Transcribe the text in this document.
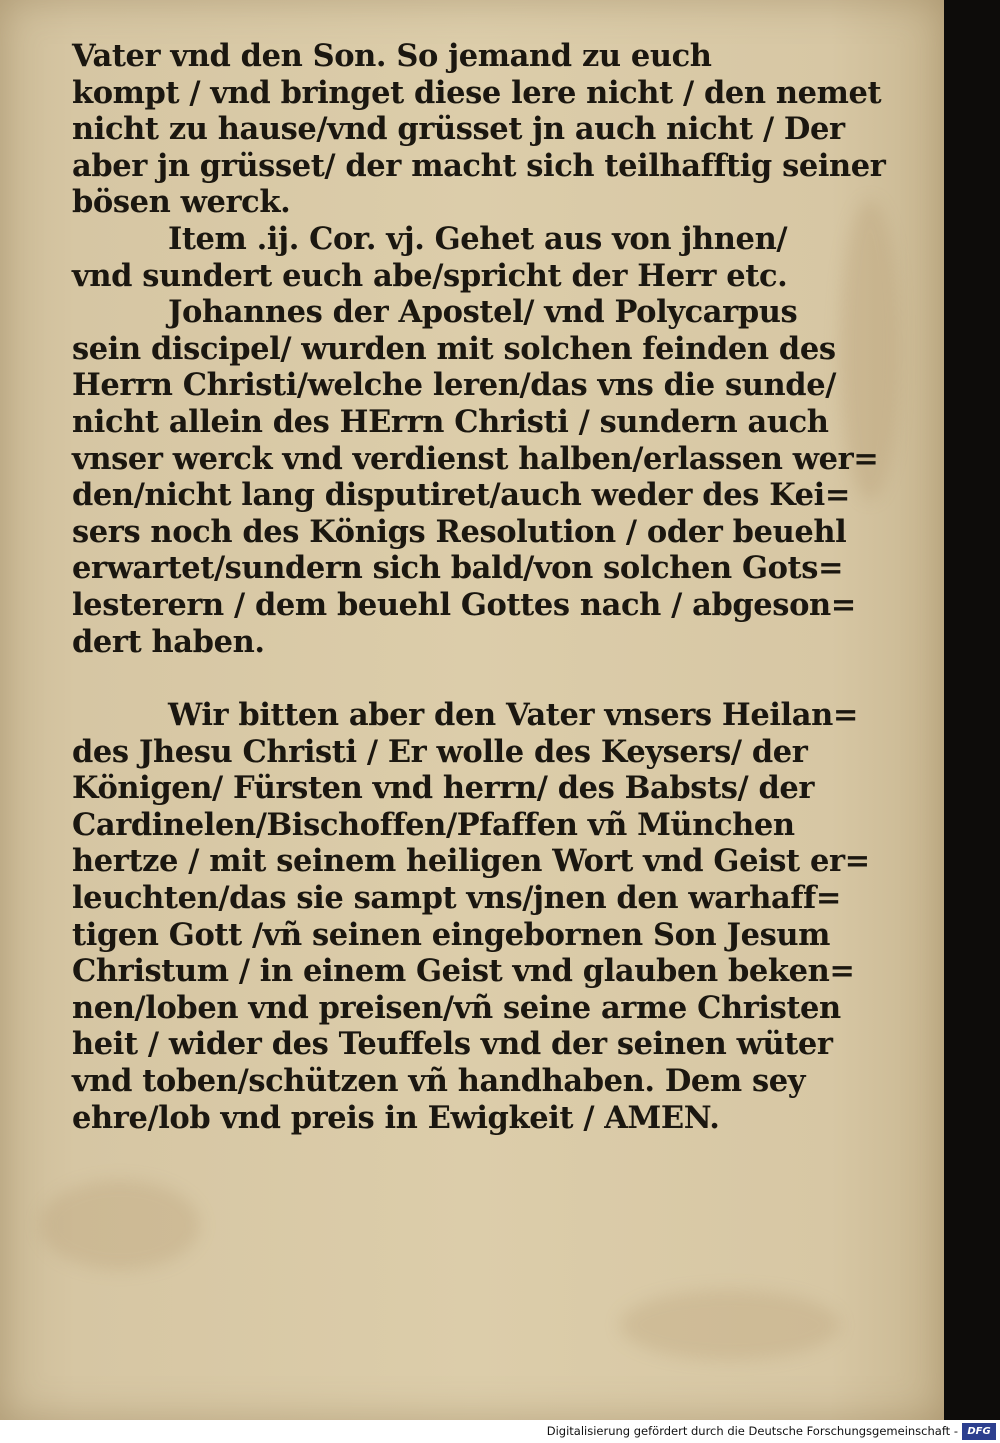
Vater vnd den Son. So jemand zu euch
kompt / vnd bringet diese lere nicht / den nemet
nicht zu hause/vnd grüsset jn auch nicht / Der
aber jn grüsset/ der macht sich teilhafftig seiner
bösen werck.
Item .ij. Cor. vj. Gehet aus von jhnen/
vnd sundert euch abe/spricht der Herr etc.
Johannes der Apostel/ vnd Polycarpus
sein discipel/ wurden mit solchen feinden des
Herrn Christi/welche leren/das vns die sunde/
nicht allein des HErrn Christi / sundern auch
vnser werck vnd verdienst halben/erlassen wer=
den/nicht lang disputiret/auch weder des Kei=
sers noch des Königs Resolution / oder beuehl
erwartet/sundern sich bald/von solchen Gots=
lesterern / dem beuehl Gottes nach / abgeson=
dert haben.
Wir bitten aber den Vater vnsers Heilan=
des Jhesu Christi / Er wolle des Keysers/ der
Königen/ Fürsten vnd herrn/ des Babsts/ der
Cardinelen/Bischoffen/Pfaffen vñ München
hertze / mit seinem heiligen Wort vnd Geist er=
leuchten/das sie sampt vns/jnen den warhaff=
tigen Gott /vñ seinen eingebornen Son Jesum
Christum / in einem Geist vnd glauben beken=
nen/loben vnd preisen/vñ seine arme Christen
heit / wider des Teuffels vnd der seinen wüter
vnd toben/schützen vñ handhaben. Dem sey
ehre/lob vnd preis in Ewigkeit / AMEN.
Digitalisierung gefördert durch die Deutsche Forschungsgemeinschaft - DFG
